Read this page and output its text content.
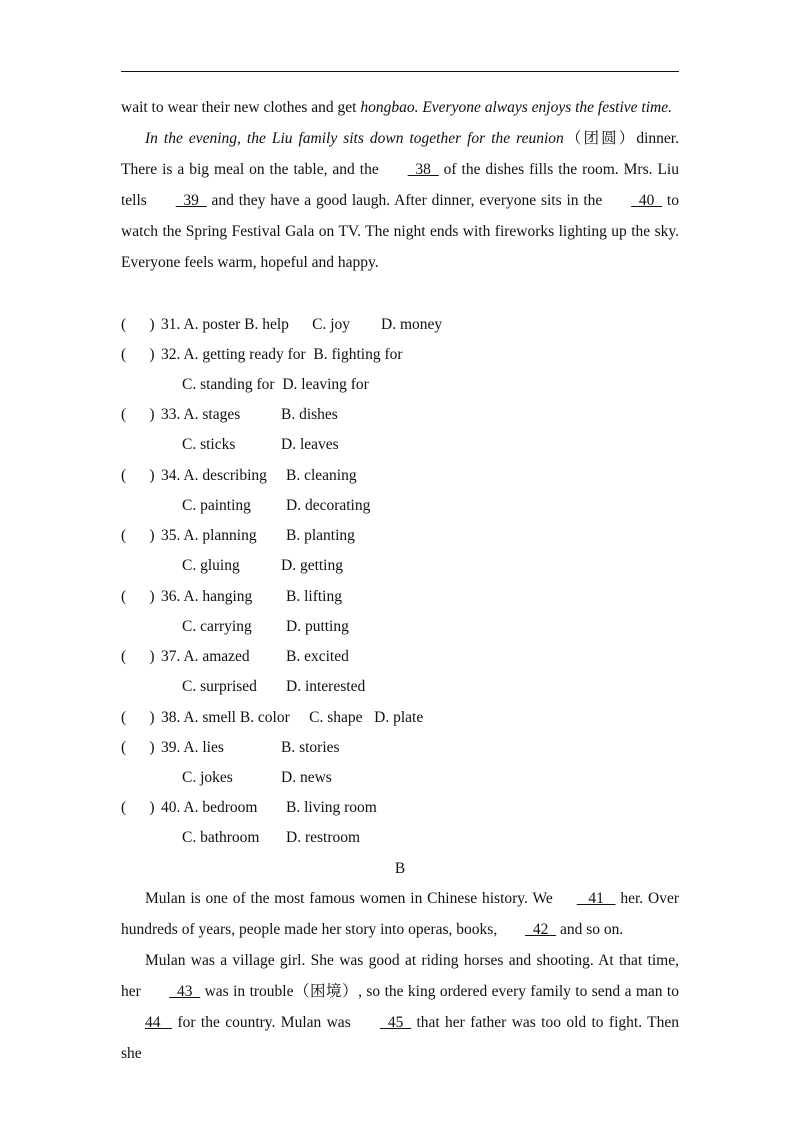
wait to wear their new clothes and get hongbao. Everyone always enjoys the festive time.

In the evening, the Liu family sits down together for the reunion（团圆）dinner. There is a big meal on the table, and the   38   of the dishes fills the room. Mrs. Liu tells   39   and they have a good laugh. After dinner, everyone sits in the   40   to watch the Spring Festival Gala on TV. The night ends with fireworks lighting up the sky. Everyone feels warm, hopeful and happy.

(      ) 31. A. poster B. help C. joy D. money
(      ) 32. A. getting ready for B. fighting for
C. standing for D. leaving for
(      ) 33. A. stages	B. dishes
C. sticks	D. leaves
(      ) 34. A. describing B. cleaning
C. painting D. decorating
(      ) 35. A. planning B. planting
C. gluing	D. getting
(      ) 36. A. hanging B. lifting
C. carrying D. putting
(      ) 37. A. amazed B. excited
C. surprised D. interested
(      ) 38. A. smell B. color C. shape D. plate
(      ) 39. A. lies	B. stories
C. jokes	D. news
(      ) 40. A. bedroom B. living room
C. bathroom D. restroom
B

Mulan is one of the most famous women in Chinese history. We   41    her. Over hundreds of years, people made her story into operas, books,   42   and so on.

Mulan was a village girl. She was good at riding horses and shooting. At that time, her   43   was in trouble（困境）, so the king ordered every family to send a man to 44    for the country. Mulan was   45   that her father was too old to fight. Then she
